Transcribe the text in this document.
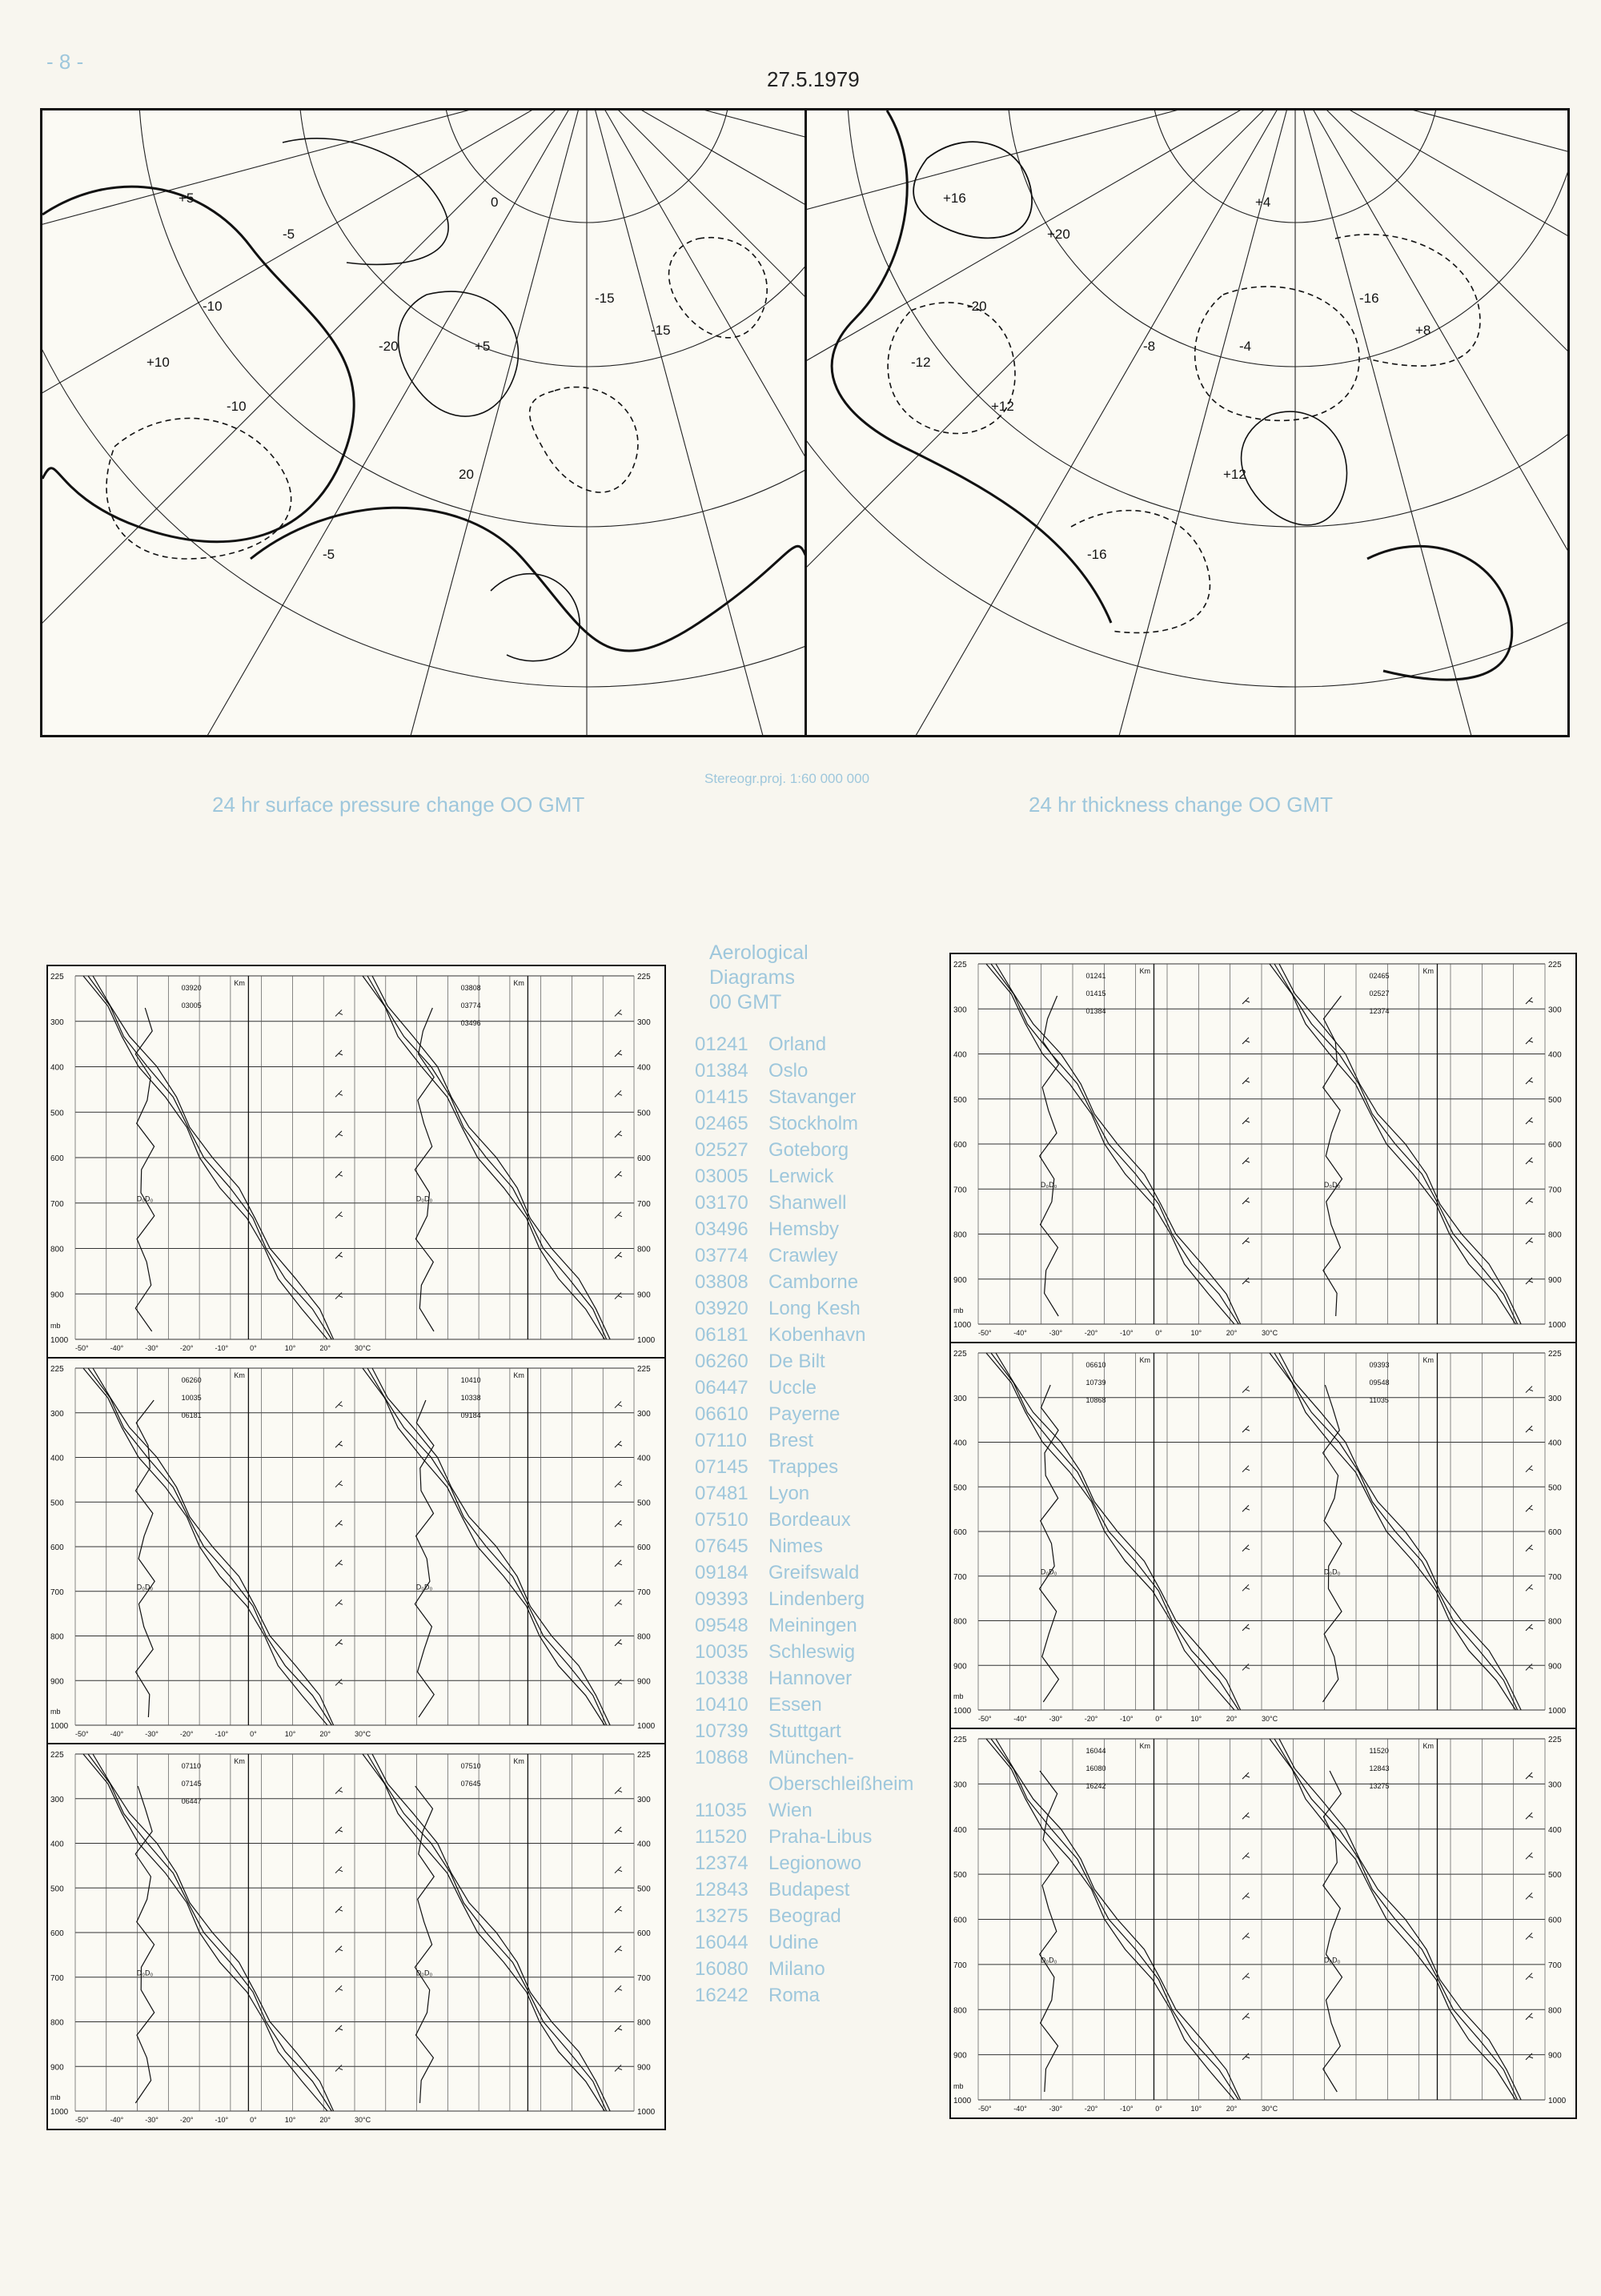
- 8 -
27.5.1979
+5
-5
-10
-15
+10
-20	+5
0
-10
-15
20
-5
+16
+20
+12
-16
-12
-8	-4
+4
-20
+8
+12
-16
24 hr surface pressure change OO GMT
Stereogr.proj. 1:60 000 000
24 hr thickness change OO GMT
225	225
300	300
400	400
500	500
600	600
700	700
800	800
900	900
1000	1000
-50°	-40°	-30°	-20°	-10°	0°	10°	20°	30°C
Km
D₀D₀
03920
03005
Km
D₀D₀
03808
03774
03496
mb
225	225
300	300
400	400
500	500
600	600
700	700
800	800
900	900
1000	1000
-50°	-40°	-30°	-20°	-10°	0°	10°	20°	30°C
Km
D₀D₀
01241
01415
01384
Km
D₀D₀
02465
02527
12374
mb
225	225
300	300
400	400
500	500
600	600
700	700
800	800
900	900
1000	1000
-50°	-40°	-30°	-20°	-10°	0°	10°	20°	30°C
Km
D₀D₀
06260
10035
06181
Km
D₀D₀
10410
10338
09184
mb
225	225
300	300
400	400
500	500
600	600
700	700
800	800
900	900
1000	1000
-50°	-40°	-30°	-20°	-10°	0°	10°	20°	30°C
Km
D₀D₀
06610
10739
10868
Km
D₀D₀
09393
09548
11035
mb
225	225
300	300
400	400
500	500
600	600
700	700
800	800
900	900
1000	1000
-50°	-40°	-30°	-20°	-10°	0°	10°	20°	30°C
Km
D₀D₀
07110
07145
06447
Km
D₀D₀
07510
07645
mb
225	225
300	300
400	400
500	500
600	600
700	700
800	800
900	900
1000	1000
-50°	-40°	-30°	-20°	-10°	0°	10°	20°	30°C
Km
D₀D₀
16044
16080
16242
Km
D₀D₀
11520
12843
13275
mb
Aerological
Diagrams
00 GMT
01241	Orland
01384	Oslo
01415	Stavanger
02465	Stockholm
02527	Goteborg
03005	Lerwick
03170	Shanwell
03496	Hemsby
03774	Crawley
03808	Camborne
03920	Long Kesh
06181	Kobenhavn
06260	De Bilt
06447	Uccle
06610	Payerne
07110	Brest
07145	Trappes
07481	Lyon
07510	Bordeaux
07645	Nimes
09184	Greifswald
09393	Lindenberg
09548	Meiningen
10035	Schleswig
10338	Hannover
10410	Essen
10739	Stuttgart
10868	München-
Oberschleißheim
11035	Wien
11520	Praha-Libus
12374	Legionowo
12843	Budapest
13275	Beograd
16044	Udine
16080	Milano
16242	Roma
